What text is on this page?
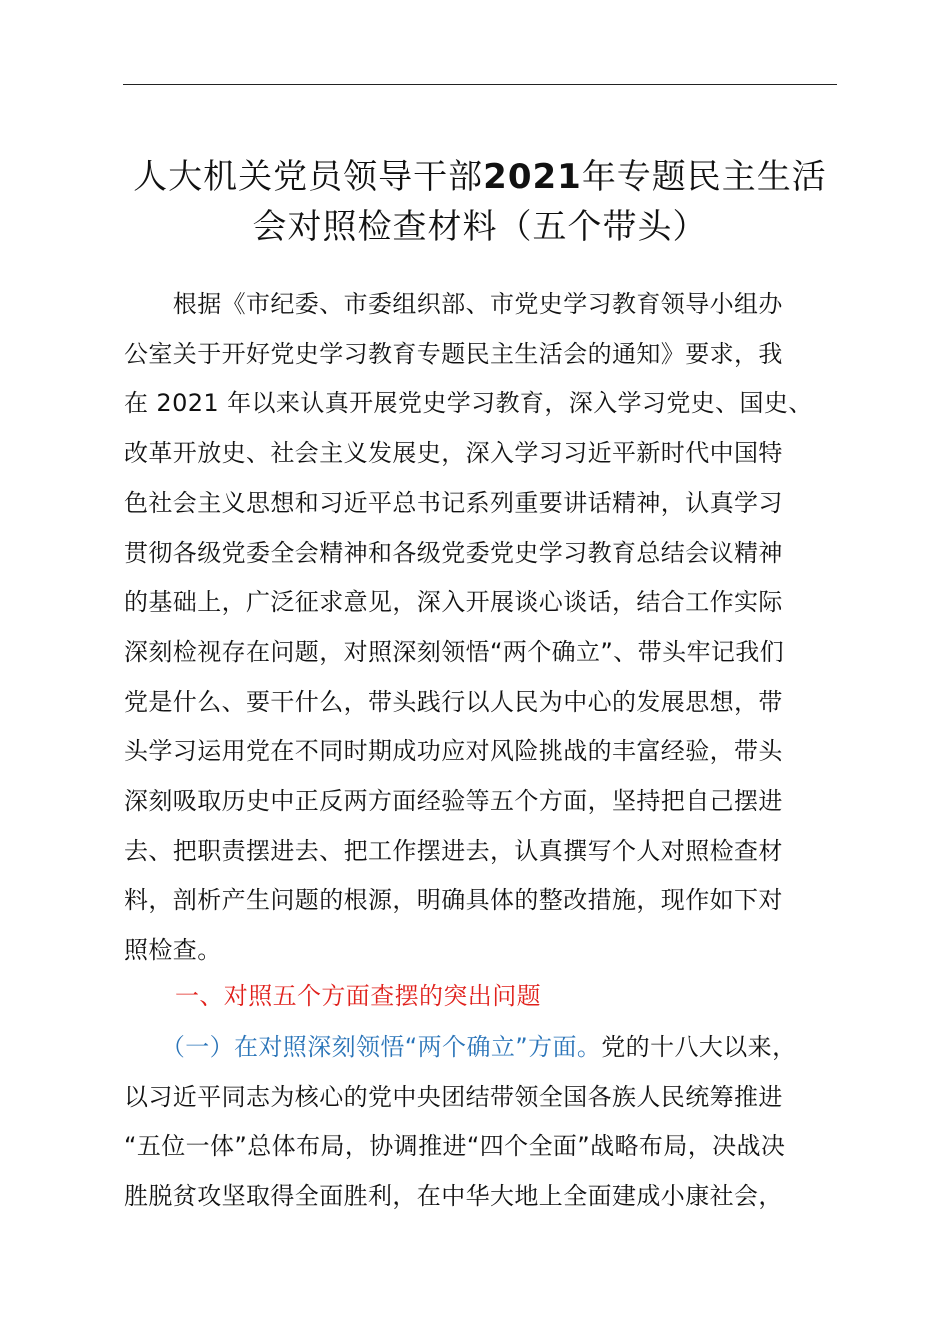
人大机关党员领导干部2021年专题民主生活
会对照检查材料（五个带头）

　　根据《市纪委、市委组织部、市党史学习教育领导小组办
公室关于开好党史学习教育专题民主生活会的通知》要求，我
在 2021 年以来认真开展党史学习教育，深入学习党史、国史、
改革开放史、社会主义发展史，深入学习习近平新时代中国特
色社会主义思想和习近平总书记系列重要讲话精神，认真学习
贯彻各级党委全会精神和各级党委党史学习教育总结会议精神
的基础上，广泛征求意见，深入开展谈心谈话，结合工作实际
深刻检视存在问题，对照深刻领悟“两个确立”、带头牢记我们
党是什么、要干什么，带头践行以人民为中心的发展思想，带
头学习运用党在不同时期成功应对风险挑战的丰富经验，带头
深刻吸取历史中正反两方面经验等五个方面，坚持把自己摆进
去、把职责摆进去、把工作摆进去，认真撰写个人对照检查材
料，剖析产生问题的根源，明确具体的整改措施，现作如下对
照检查。

一、对照五个方面查摆的突出问题

　　（一）在对照深刻领悟“两个确立”方面。党的十八大以来，
以习近平同志为核心的党中央团结带领全国各族人民统筹推进
“五位一体”总体布局，协调推进“四个全面”战略布局，决战决
胜脱贫攻坚取得全面胜利，在中华大地上全面建成小康社会，
